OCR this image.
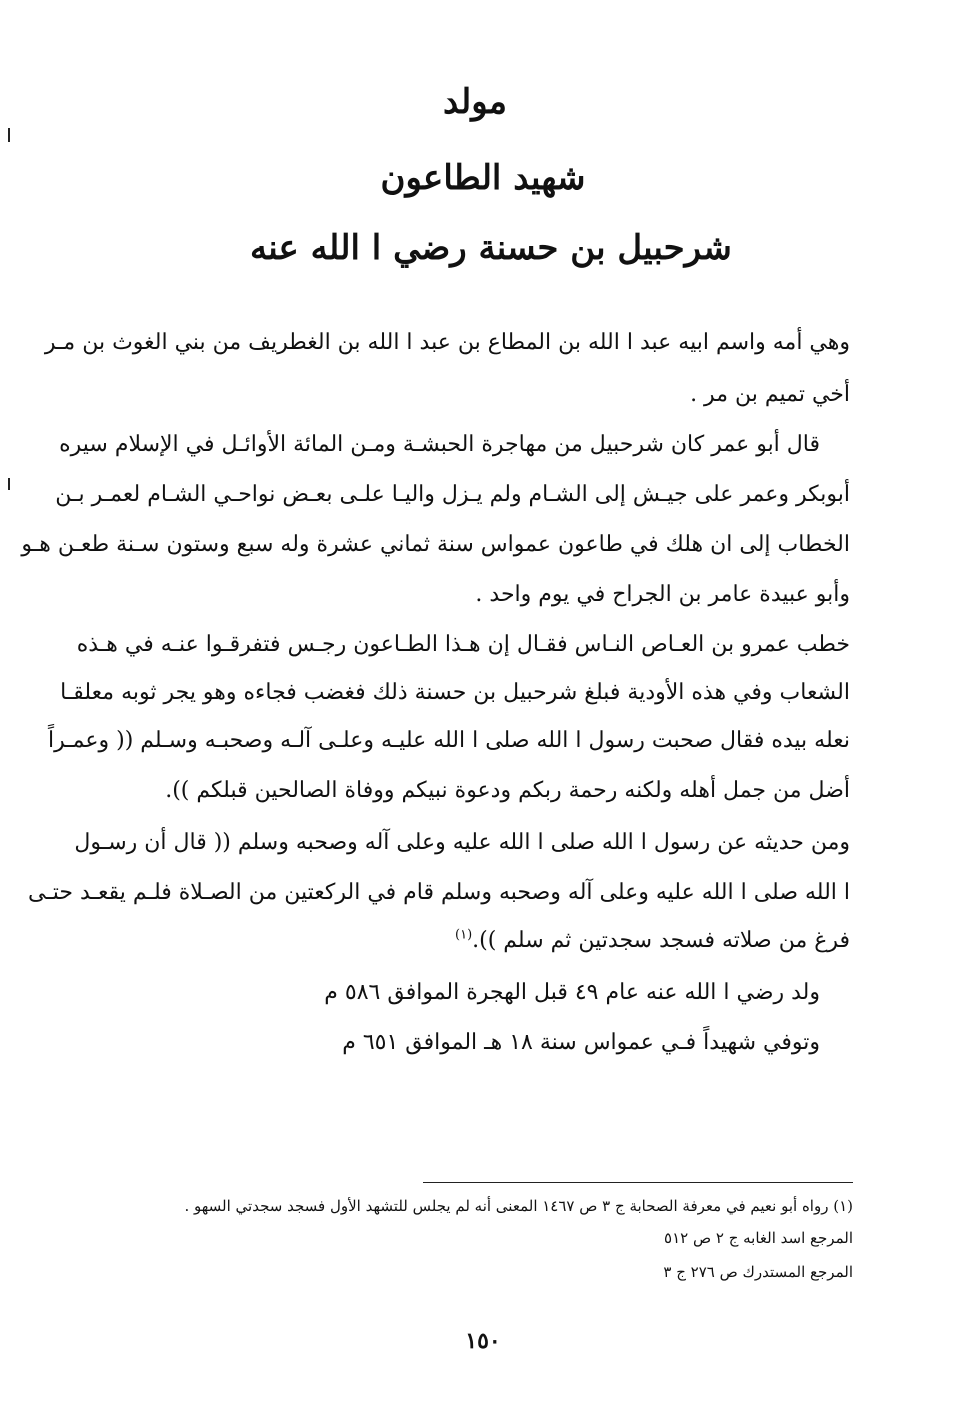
مولد
شهيد الطاعون
شرحبيل بن حسنة رضي ا الله عنه
وهي أمه واسم ابيه عبد ا الله بن المطاع بن عبد ا الله بن الغطريف من بني الغوث بن مـر
أخي تميم بن مر .
قال أبو عمر كان شرحبيل من مهاجرة الحبشـة ومـن المائة الأوائـل في الإسلام سيره
أبوبكر وعمر على جيـش إلى الشـام ولم يـزل واليـا علـى بعـض نواحـي الشـام لعمـر بـن
الخطاب إلى ان هلك في طاعون عمواس سنة ثماني عشرة وله سبع وستون سـنة طعـن هـو
وأبو عبيدة عامر بن الجراح في يوم واحد .
خطب عمرو بن العـاص النـاس فقـال إن هـذا الطـاعون رجـس فتفرقـوا عنـه في هـذه
الشعاب وفي هذه الأودية فبلغ شرحبيل بن حسنة ذلك فغضب فجاءه وهو يجر ثوبه معلقـا
نعله بيده فقال صحبت رسول ا الله صلى ا الله عليـه وعلـى آلـه وصحبـه وسـلم (( وعمـراً
أضل من جمل أهله ولكنه رحمة ربكم ودعوة نبيكم ووفاة الصالحين قبلكم )).
ومن حديثه عن رسول ا الله صلى ا الله عليه وعلى آله وصحبه وسلم (( قال أن رسـول
ا الله صلى ا الله عليه وعلى آله وصحبه وسلم قام في الركعتين من الصـلاة فلـم يقعـد حتـى
فرغ من صلاته فسجد سجدتين ثم سلم )).$^{(١)}$
ولد رضي ا الله عنه عام ٤٩ قبل الهجرة الموافق ٥٨٦ م
وتوفي شهيداً فـي عمواس سنة ١٨ هـ الموافق ٦٥١ م
(١) رواه أبو نعيم في معرفة الصحابة ج ٣ ص ١٤٦٧ المعنى أنه لم يجلس للتشهد الأول فسجد سجدتي السهو .
المرجع اسد الغابه ج ٢ ص ٥١٢
المرجع المستدرك ص ٢٧٦ ج ٣
١٥٠
